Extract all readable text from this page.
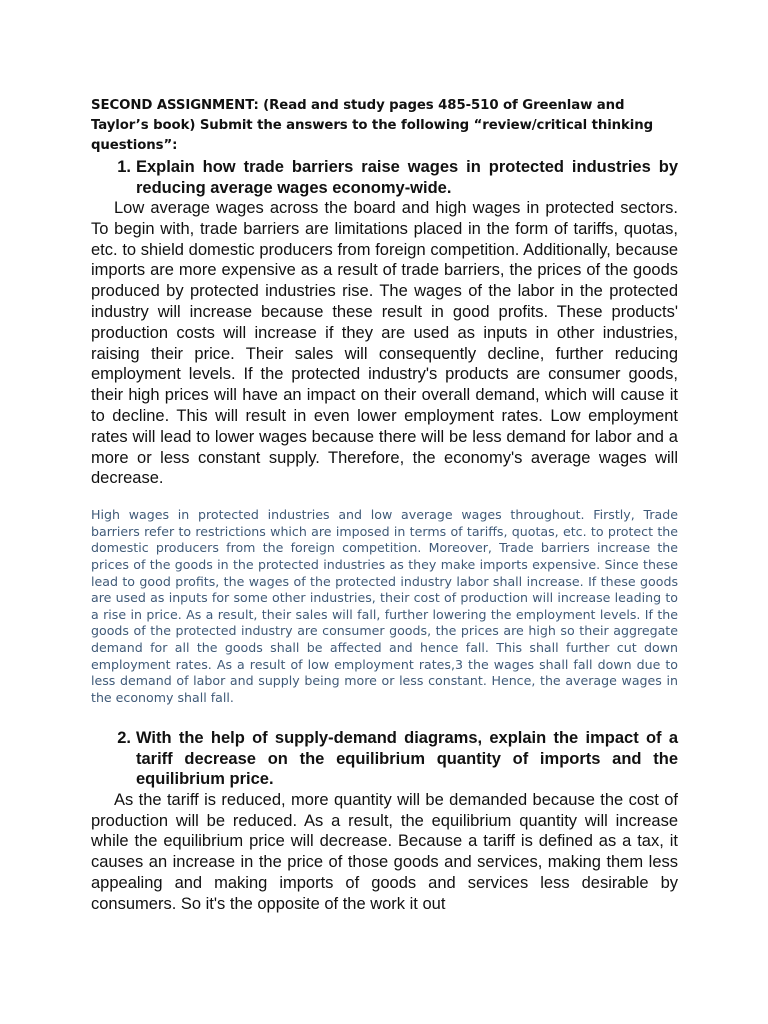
SECOND ASSIGNMENT: (Read and study pages 485-510 of Greenlaw and Taylor’s book) Submit the answers to the following “review/critical thinking questions”:

1. Explain how trade barriers raise wages in protected industries by reducing average wages economy-wide.

Low average wages across the board and high wages in protected sectors. To begin with, trade barriers are limitations placed in the form of tariffs, quotas, etc. to shield domestic producers from foreign competition. Additionally, because imports are more expensive as a result of trade barriers, the prices of the goods produced by protected industries rise. The wages of the labor in the protected industry will increase because these result in good profits. These products' production costs will increase if they are used as inputs in other industries, raising their price. Their sales will consequently decline, further reducing employment levels. If the protected industry's products are consumer goods, their high prices will have an impact on their overall demand, which will cause it to decline. This will result in even lower employment rates. Low employment rates will lead to lower wages because there will be less demand for labor and a more or less constant supply. Therefore, the economy's average wages will decrease.

High wages in protected industries and low average wages throughout. Firstly, Trade barriers refer to restrictions which are imposed in terms of tariffs, quotas, etc. to protect the domestic producers from the foreign competition. Moreover, Trade barriers increase the prices of the goods in the protected industries as they make imports expensive. Since these lead to good profits, the wages of the protected industry labor shall increase. If these goods are used as inputs for some other industries, their cost of production will increase leading to a rise in price. As a result, their sales will fall, further lowering the employment levels. If the goods of the protected industry are consumer goods, the prices are high so their aggregate demand for all the goods shall be affected and hence fall. This shall further cut down employment rates. As a result of low employment rates,3 the wages shall fall down due to less demand of labor and supply being more or less constant. Hence, the average wages in the economy shall fall.

2. With the help of supply-demand diagrams, explain the impact of a tariff decrease on the equilibrium quantity of imports and the equilibrium price.

As the tariff is reduced, more quantity will be demanded because the cost of production will be reduced. As a result, the equilibrium quantity will increase while the equilibrium price will decrease. Because a tariff is defined as a tax, it causes an increase in the price of those goods and services, making them less appealing and making imports of goods and services less desirable by consumers. So it's the opposite of the work it out
